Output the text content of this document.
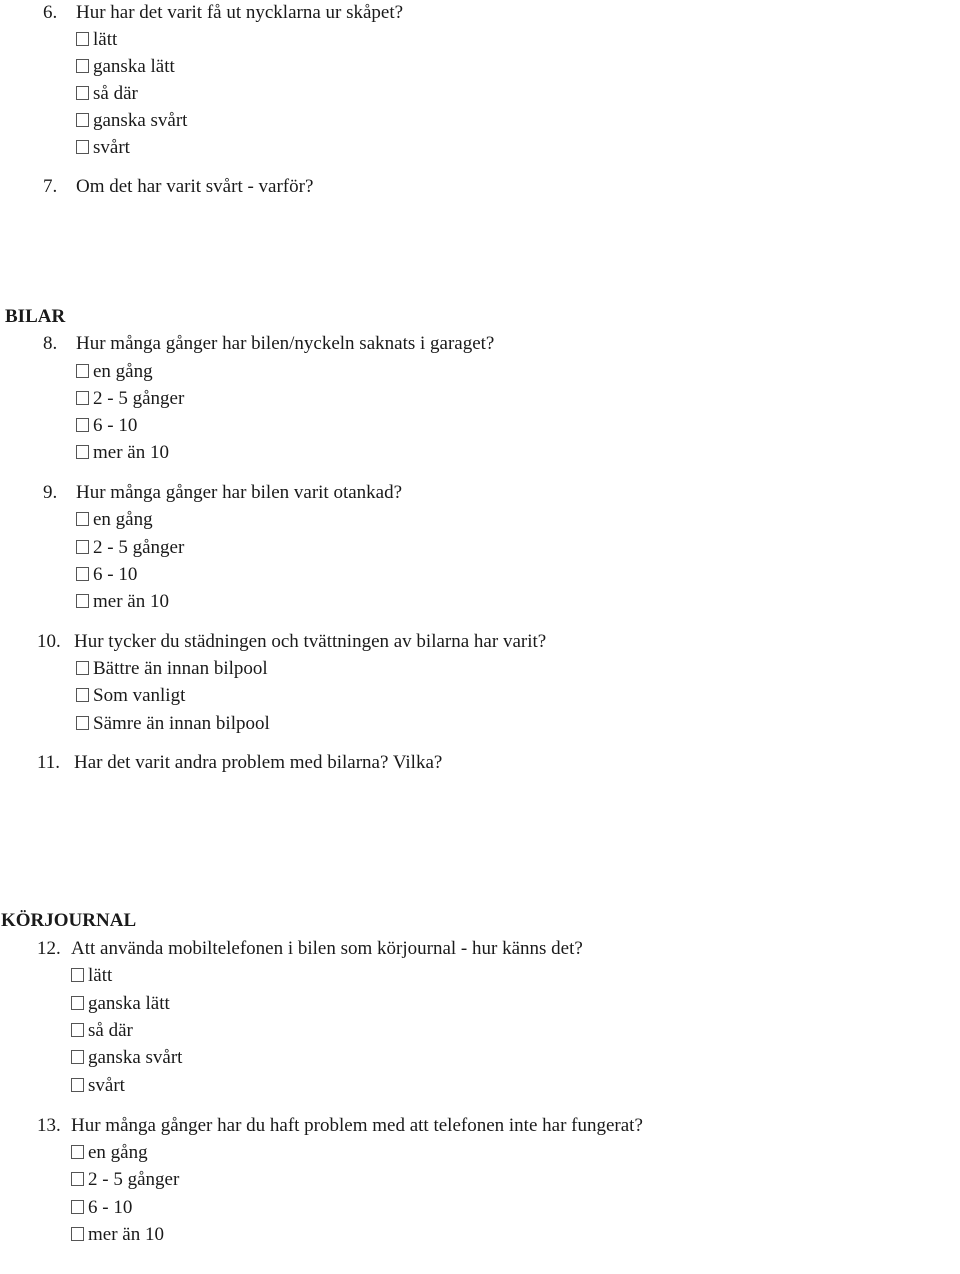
6. Hur har det varit få ut nycklarna ur skåpet?
lätt
ganska lätt
så där
ganska svårt
svårt
7. Om det har varit svårt - varför?
BILAR
8. Hur många gånger har bilen/nyckeln saknats i garaget?
en gång
2 - 5 gånger
6 - 10
mer än 10
9. Hur många gånger har bilen varit otankad?
en gång
2 - 5 gånger
6 - 10
mer än 10
10. Hur tycker du städningen och tvättningen av bilarna har varit?
Bättre än innan bilpool
Som vanligt
Sämre än innan bilpool
11. Har det varit andra problem med bilarna? Vilka?
KÖRJOURNAL
12. Att använda mobiltelefonen i bilen som körjournal - hur känns det?
lätt
ganska lätt
så där
ganska svårt
svårt
13. Hur många gånger har du haft problem med att telefonen inte har fungerat?
en gång
2 - 5 gånger
6 - 10
mer än 10
